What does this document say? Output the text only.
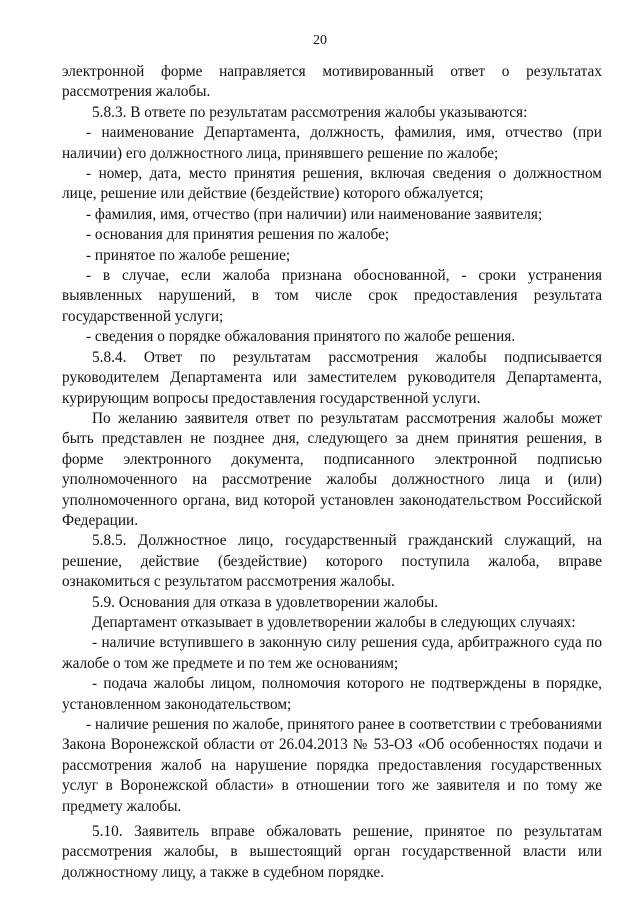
20

электронной форме направляется мотивированный ответ о результатах рассмотрения жалобы.

5.8.3. В ответе по результатам рассмотрения жалобы указываются:

- наименование Департамента, должность, фамилия, имя, отчество (при наличии) его должностного лица, принявшего решение по жалобе;

- номер, дата, место принятия решения, включая сведения о должностном лице, решение или действие (бездействие) которого обжалуется;

- фамилия, имя, отчество (при наличии) или наименование заявителя;

- основания для принятия решения по жалобе;

- принятое по жалобе решение;

- в случае, если жалоба признана обоснованной, - сроки устранения выявленных нарушений, в том числе срок предоставления результата государственной услуги;

- сведения о порядке обжалования принятого по жалобе решения.

5.8.4. Ответ по результатам рассмотрения жалобы подписывается руководителем Департамента или заместителем руководителя Департамента, курирующим вопросы предоставления государственной услуги.

По желанию заявителя ответ по результатам рассмотрения жалобы может быть представлен не позднее дня, следующего за днем принятия решения, в форме электронного документа, подписанного электронной подписью уполномоченного на рассмотрение жалобы должностного лица и (или) уполномоченного органа, вид которой установлен законодательством Российской Федерации.

5.8.5. Должностное лицо, государственный гражданский служащий, на решение, действие (бездействие) которого поступила жалоба, вправе ознакомиться с результатом рассмотрения жалобы.

5.9. Основания для отказа в удовлетворении жалобы.

Департамент отказывает в удовлетворении жалобы в следующих случаях:

- наличие вступившего в законную силу решения суда, арбитражного суда по жалобе о том же предмете и по тем же основаниям;

- подача жалобы лицом, полномочия которого не подтверждены в порядке, установленном законодательством;

- наличие решения по жалобе, принятого ранее в соответствии с требованиями Закона Воронежской области от 26.04.2013 № 53-ОЗ «Об особенностях подачи и рассмотрения жалоб на нарушение порядка предоставления государственных услуг в Воронежской области» в отношении того же заявителя и по тому же предмету жалобы.

5.10. Заявитель вправе обжаловать решение, принятое по результатам рассмотрения жалобы, в вышестоящий орган государственной власти или должностному лицу, а также в судебном порядке.
